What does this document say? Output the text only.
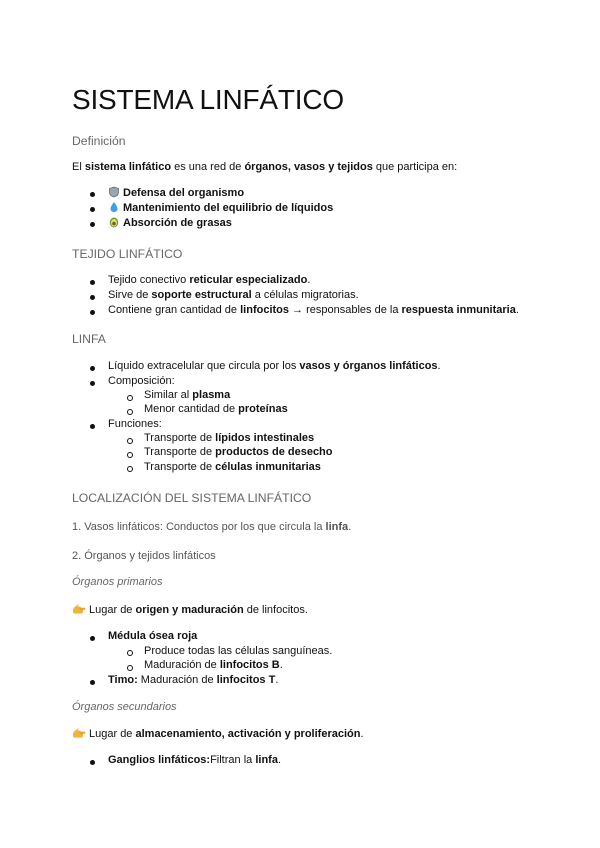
SISTEMA LINFÁTICO
Definición
El sistema linfático es una red de órganos, vasos y tejidos que participa en:
Defensa del organismo
Mantenimiento del equilibrio de líquidos
Absorción de grasas
TEJIDO LINFÁTICO
Tejido conectivo reticular especializado.
Sirve de soporte estructural a células migratorias.
Contiene gran cantidad de linfocitos → responsables de la respuesta inmunitaria.
LINFA
Líquido extracelular que circula por los vasos y órganos linfáticos.
Composición:
Similar al plasma
Menor cantidad de proteínas
Funciones:
Transporte de lípidos intestinales
Transporte de productos de desecho
Transporte de células inmunitarias
LOCALIZACIÓN DEL SISTEMA LINFÁTICO
1. Vasos linfáticos: Conductos por los que circula la linfa.
2. Órganos y tejidos linfáticos
Órganos primarios
Lugar de origen y maduración de linfocitos.
Médula ósea roja
Produce todas las células sanguíneas.
Maduración de linfocitos B.
Timo: Maduración de linfocitos T.
Órganos secundarios
Lugar de almacenamiento, activación y proliferación.
Ganglios linfáticos:Filtran la linfa.
